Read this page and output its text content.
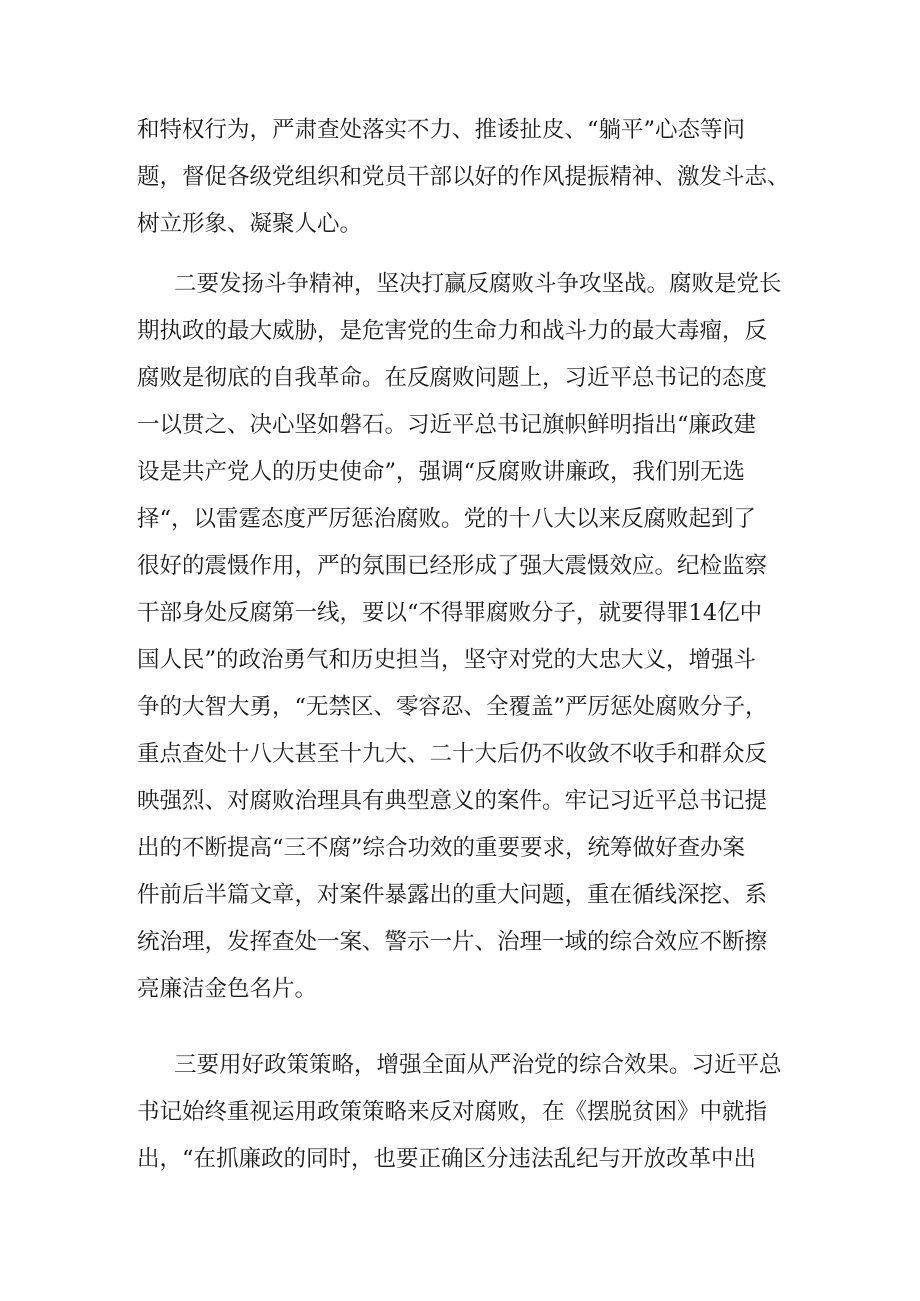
和特权行为，严肃查处落实不力、推诿扯皮、“躺平”心态等问
题，督促各级党组织和党员干部以好的作风提振精神、激发斗志、
树立形象、凝聚人心。
二要发扬斗争精神，坚决打赢反腐败斗争攻坚战。腐败是党长
期执政的最大威胁，是危害党的生命力和战斗力的最大毒瘤，反
腐败是彻底的自我革命。在反腐败问题上，习近平总书记的态度
一以贯之、决心坚如磐石。习近平总书记旗帜鲜明指出“廉政建
设是共产党人的历史使命”，强调“反腐败讲廉政，我们别无选
择“，以雷霆态度严厉惩治腐败。党的十八大以来反腐败起到了
很好的震慑作用，严的氛围已经形成了强大震慑效应。纪检监察
干部身处反腐第一线，要以“不得罪腐败分子，就要得罪14亿中
国人民”的政治勇气和历史担当，坚守对党的大忠大义，增强斗
争的大智大勇，“无禁区、零容忍、全覆盖”严厉惩处腐败分子，
重点查处十八大甚至十九大、二十大后仍不收敛不收手和群众反
映强烈、对腐败治理具有典型意义的案件。牢记习近平总书记提
出的不断提高“三不腐”综合功效的重要要求，统筹做好查办案
件前后半篇文章，对案件暴露出的重大问题，重在循线深挖、系
统治理，发挥查处一案、警示一片、治理一域的综合效应不断擦
亮廉洁金色名片。
三要用好政策策略，增强全面从严治党的综合效果。习近平总
书记始终重视运用政策策略来反对腐败，在《摆脱贫困》中就指
出，“在抓廉政的同时，也要正确区分违法乱纪与开放改革中出
